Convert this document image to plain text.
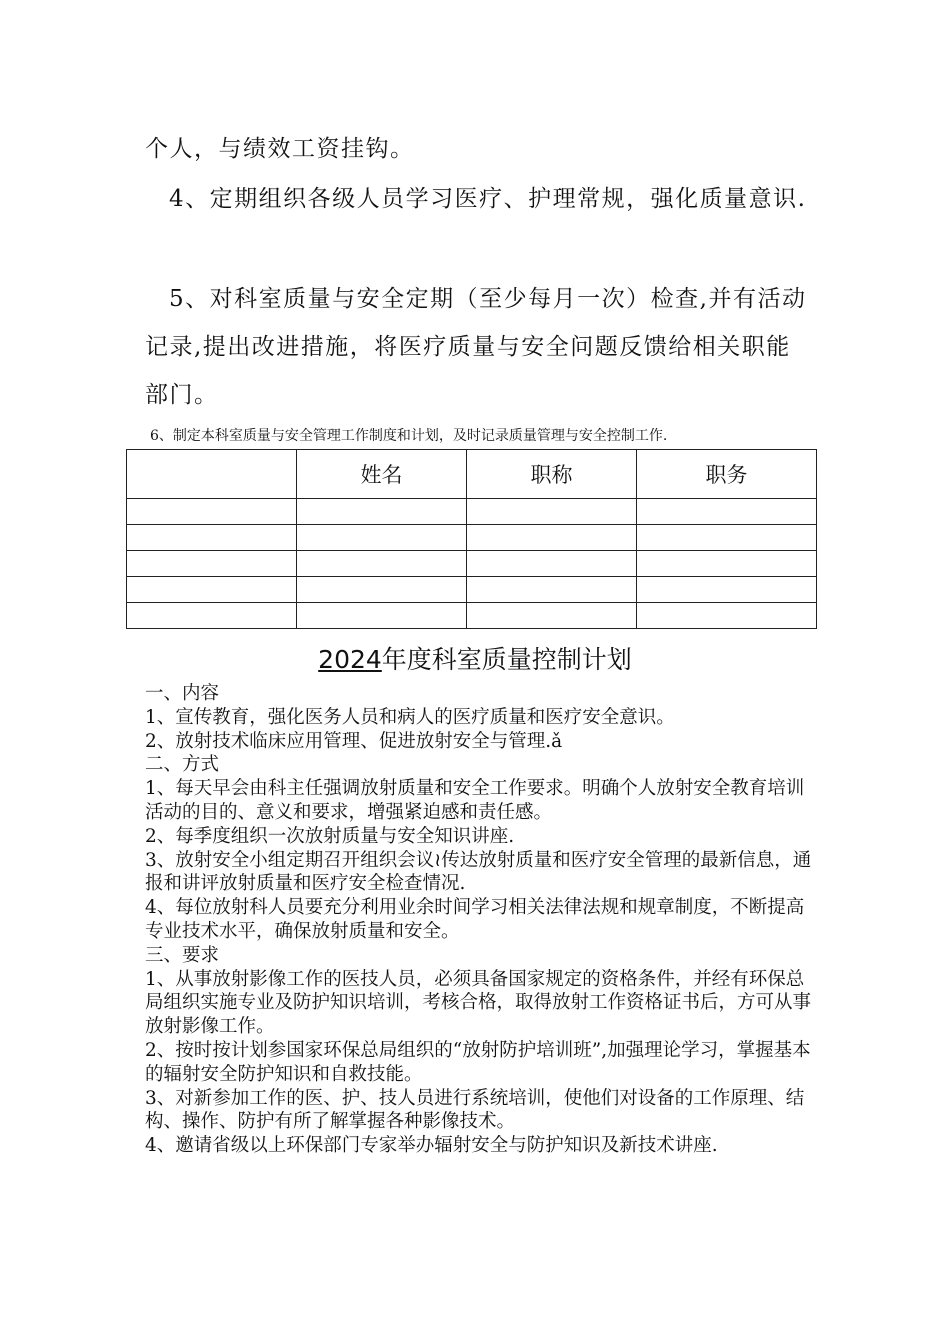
个人，与绩效工资挂钩。

4、定期组织各级人员学习医疗、护理常规，强化质量意识.

5、对科室质量与安全定期（至少每月一次）检查,并有活动记录,提出改进措施，将医疗质量与安全问题反馈给相关职能部门。

6、制定本科室质量与安全管理工作制度和计划，及时记录质量管理与安全控制工作.
	姓名	职称	职务

2024年度科室质量控制计划

一、内容

1、宣传教育，强化医务人员和病人的医疗质量和医疗安全意识。

2、放射技术临床应用管理、促进放射安全与管理.ǎ

二、方式

1、每天早会由科主任强调放射质量和安全工作要求。明确个人放射安全教育培训活动的目的、意义和要求，增强紧迫感和责任感。

2、每季度组织一次放射质量与安全知识讲座.

3、放射安全小组定期召开组织会议≀传达放射质量和医疗安全管理的最新信息，通报和讲评放射质量和医疗安全检查情况.

4、每位放射科人员要充分利用业余时间学习相关法律法规和规章制度，不断提高专业技术水平，确保放射质量和安全。

三、要求

1、从事放射影像工作的医技人员，必须具备国家规定的资格条件，并经有环保总局组织实施专业及防护知识培训，考核合格，取得放射工作资格证书后，方可从事放射影像工作。

2、按时按计划参国家环保总局组织的“放射防护培训班”,加强理论学习，掌握基本的辐射安全防护知识和自救技能。

3、对新参加工作的医、护、技人员进行系统培训，使他们对设备的工作原理、结构、操作、防护有所了解掌握各种影像技术。

4、邀请省级以上环保部门专家举办辐射安全与防护知识及新技术讲座.
